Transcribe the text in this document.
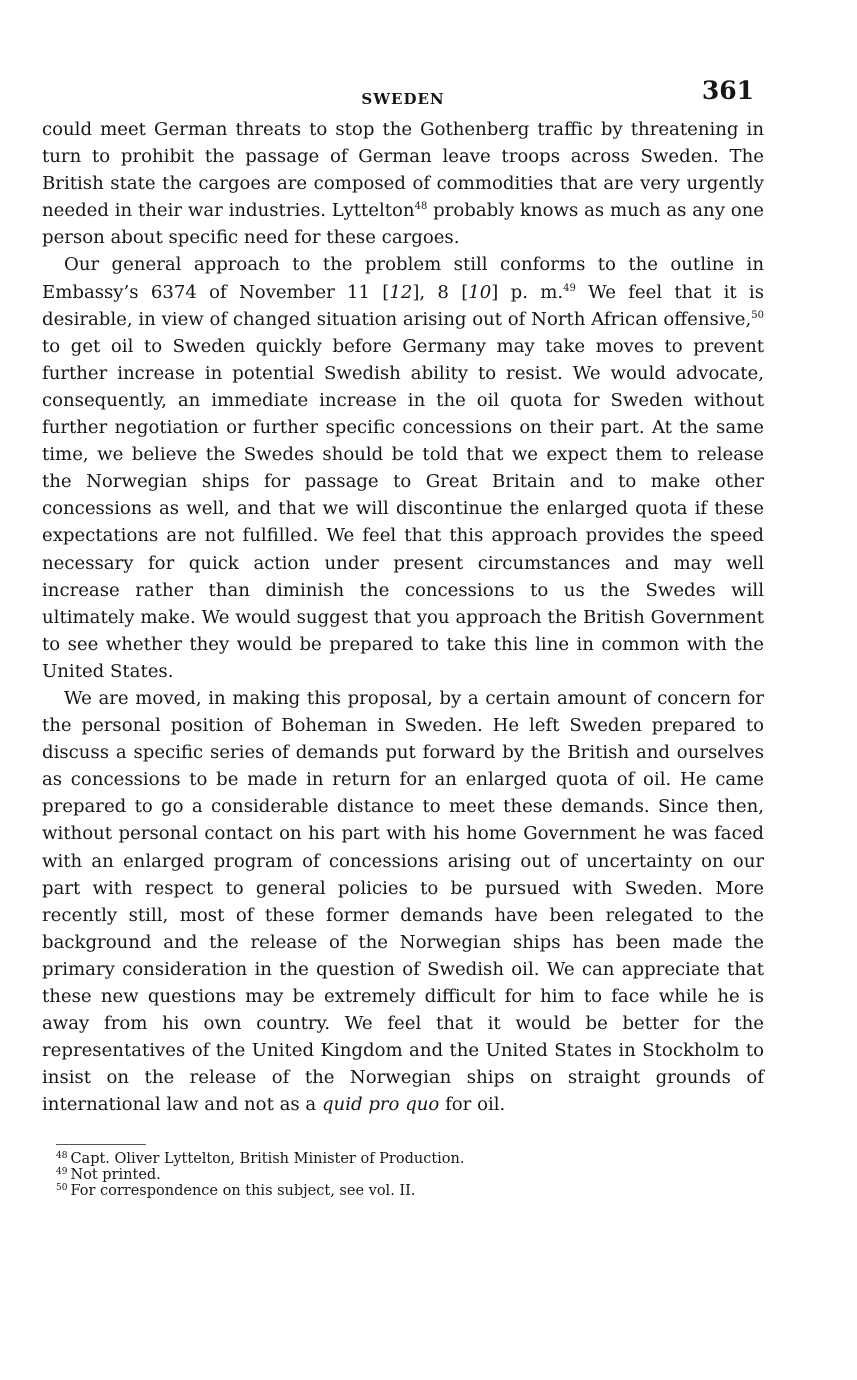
SWEDEN	361

could meet German threats to stop the Gothenberg traffic by threatening in turn to prohibit the passage of German leave troops across Sweden. The British state the cargoes are composed of commodities that are very urgently needed in their war industries. Lyttelton$^{48}$ probably knows as much as any one person about specific need for these cargoes.

Our general approach to the problem still conforms to the outline in Embassy’s 6374 of November 11 [12], 8 [10] p. m.$^{49}$ We feel that it is desirable, in view of changed situation arising out of North African offensive,$^{50}$ to get oil to Sweden quickly before Germany may take moves to prevent further increase in potential Swedish ability to resist. We would advocate, consequently, an immediate increase in the oil quota for Sweden without further negotiation or further specific concessions on their part. At the same time, we believe the Swedes should be told that we expect them to release the Norwegian ships for passage to Great Britain and to make other concessions as well, and that we will discontinue the enlarged quota if these expectations are not fulfilled. We feel that this approach provides the speed necessary for quick action under present circumstances and may well increase rather than diminish the concessions to us the Swedes will ultimately make. We would suggest that you approach the British Government to see whether they would be prepared to take this line in common with the United States.

We are moved, in making this proposal, by a certain amount of concern for the personal position of Boheman in Sweden. He left Sweden prepared to discuss a specific series of demands put forward by the British and ourselves as concessions to be made in return for an enlarged quota of oil. He came prepared to go a considerable distance to meet these demands. Since then, without personal contact on his part with his home Government he was faced with an enlarged program of concessions arising out of uncertainty on our part with respect to general policies to be pursued with Sweden. More recently still, most of these former demands have been relegated to the background and the release of the Norwegian ships has been made the primary consideration in the question of Swedish oil. We can appreciate that these new questions may be extremely difficult for him to face while he is away from his own country. We feel that it would be better for the representatives of the United Kingdom and the United States in Stockholm to insist on the release of the Norwegian ships on straight grounds of international law and not as a quid pro quo for oil.

$^{48}$ Capt. Oliver Lyttelton, British Minister of Production.
$^{49}$ Not printed.
$^{50}$ For correspondence on this subject, see vol. II.
